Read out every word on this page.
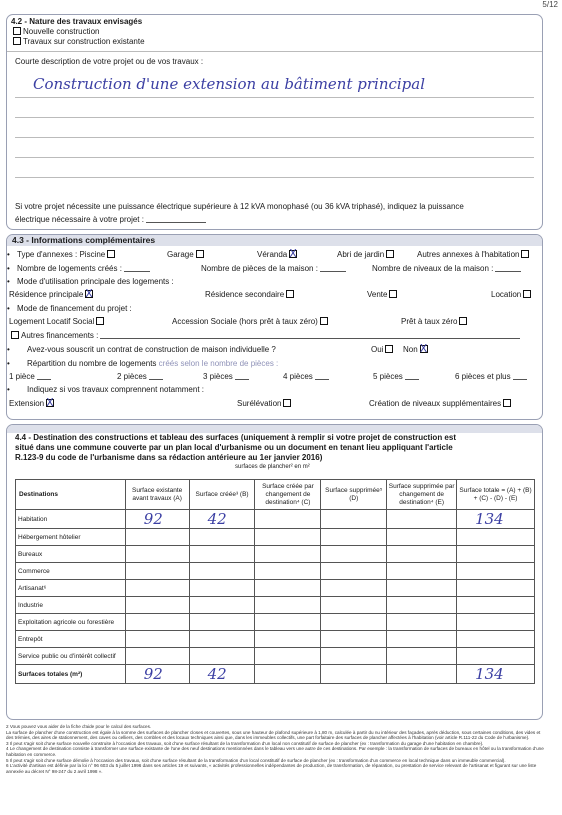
5/12
4.2 - Nature des travaux envisagés
Nouvelle construction
Travaux sur construction existante
Courte description de votre projet ou de vos travaux :
Construction d'une extension au bâtiment principal
Si votre projet nécessite une puissance électrique supérieure à 12 kVA monophasé (ou 36 kVA triphasé), indiquez la puissance
électrique nécessaire à votre projet :
4.3 - Informations complémentaires
• Type d'annexes : Piscine	Garage	Véranda X	Abri de jardin	Autres annexes à l'habitation
• Nombre de logements créés :	Nombre de pièces de la maison :	Nombre de niveaux de la maison :
• Mode d'utilisation principale des logements :
Résidence principale X	Résidence secondaire	Vente	Location
• Mode de financement du projet :
Logement Locatif Social	Accession Sociale (hors prêt à taux zéro)	Prêt à taux zéro
Autres financements :
• Avez-vous souscrit un contrat de construction de maison individuelle ?	Oui	NonX
• Répartition du nombre de logements créés selon le nombre de pièces :
1 pièce	2 pièces	3 pièces	4 pièces	5 pièces	6 pièces et plus
• Indiquez si vos travaux comprennent notamment :
Extension X	Surélévation	Création de niveaux supplémentaires
4.4 - Destination des constructions et tableau des surfaces (uniquement à remplir si votre projet de construction est
situé dans une commune couverte par un plan local d'urbanisme ou un document en tenant lieu appliquant l'article
R.123-9 du code de l'urbanisme dans sa rédaction antérieure au 1er janvier 2016)
surfaces de plancher² en m²
Destinations	Surface existante avant travaux (A)	Surface créée³ (B)	Surface créée par changement de destination⁴ (C)	Surface supprimée⁵ (D)	Surface supprimée par changement de destination⁴ (E)	Surface totale = (A) + (B) + (C) - (D) - (E)
Habitation	92	42				134
Hébergement hôtelier						
Bureaux						
Commerce						
Artisanat⁶						
Industrie						
Exploitation agricole ou forestière						
Entrepôt						
Service public ou d'intérêt collectif						
Surfaces totales (m²)	92	42				134
2 Vous pouvez vous aider de la fiche d'aide pour le calcul des surfaces.
La surface de plancher d'une construction est égale à la somme des surfaces de plancher closes et couvertes, sous une hauteur de plafond supérieure à 1,80 m, calculée à partir du nu intérieur des façades, après déduction, sous certaines conditions, des vides et des trémies, des aires de stationnement, des caves ou celliers, des combles et des locaux techniques ainsi que, dans les immeubles collectifs, une part forfaitaire des surfaces de plancher affectées à l'habitation (voir article R.111-22 du Code de l'urbanisme).
3 Il peut s'agir soit d'une surface nouvelle construite à l'occasion des travaux, soit d'une surface résultant de la transformation d'un local non constitutif de surface de plancher (ex : transformation du garage d'une habitation en chambre).
4 Le changement de destination consiste à transformer une surface existante de l'une des neuf destinations mentionnées dans le tableau vers une autre de ces destinations. Par exemple : la transformation de surfaces de bureaux en hôtel ou la transformation d'une habitation en commerce.
5 Il peut s'agir soit d'une surface démolie à l'occasion des travaux, soit d'une surface résultant de la transformation d'un local constitutif de surface de plancher (ex : transformation d'un commerce en local technique dans un immeuble commercial).
6 L'activité d'artisan est définie par la loi n° 96 603 du 5 juillet 1996 dans ses articles 19 et suivants, « activités professionnelles indépendantes de production, de transformation, de réparation, ou prestation de service relevant de l'artisanat et figurant sur une liste annexée au décret N° 98-247 du 2 avril 1998 ».
